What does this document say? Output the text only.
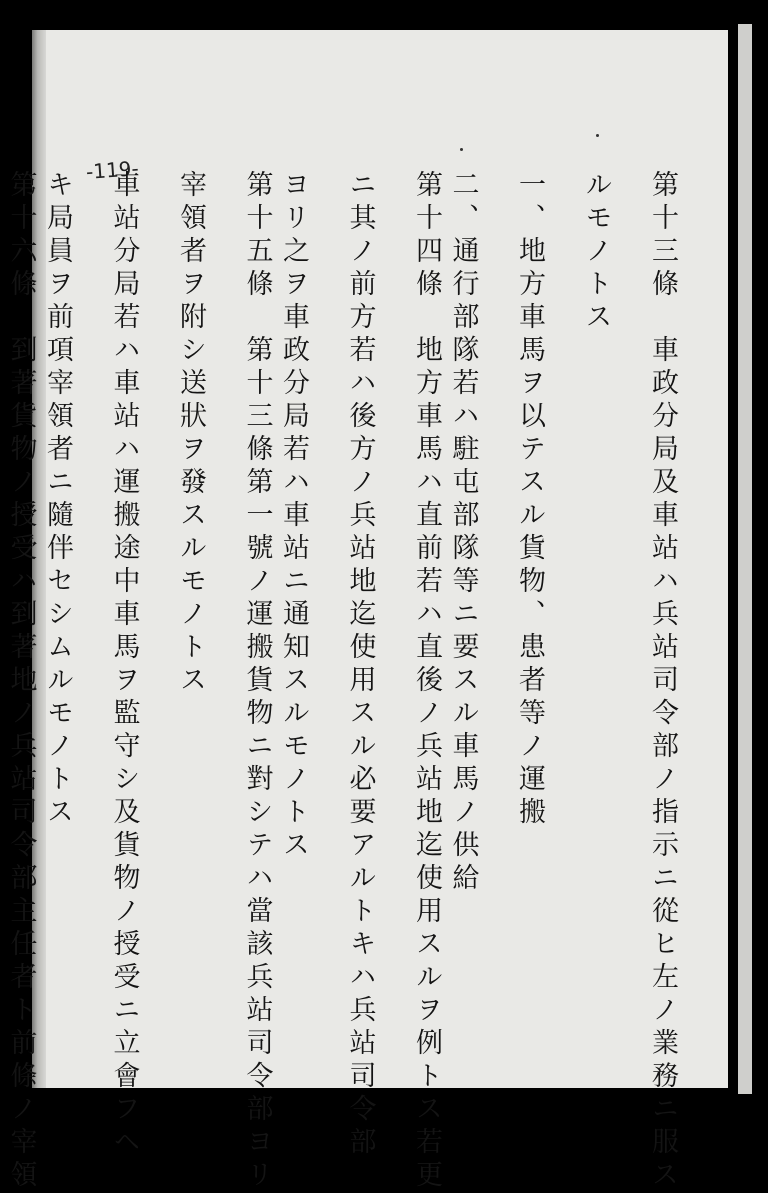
-119-	第十三條　車政分局及車站ハ兵站司令部ノ指示ニ從ヒ左ノ業務ニ服ス
ルモノトス
一、地方車馬ヲ以テスル貨物、患者等ノ運搬
二、通行部隊若ハ駐屯部隊等ニ要スル車馬ノ供給
第十四條　地方車馬ハ直前若ハ直後ノ兵站地迄使用スルヲ例トス若更
ニ其ノ前方若ハ後方ノ兵站地迄使用スル必要アルトキハ兵站司令部
ヨリ之ヲ車政分局若ハ車站ニ通知スルモノトス
第十五條　第十三條第一號ノ運搬貨物ニ對シテハ當該兵站司令部ヨリ
宰領者ヲ附シ送狀ヲ發スルモノトス
車站分局若ハ車站ハ運搬途中車馬ヲ監守シ及貨物ノ授受ニ立會フヘ
キ局員ヲ前項宰領者ニ隨伴セシムルモノトス
第十六條　到著貨物ノ授受ハ到著地ノ兵站司令部主任者ト前條ノ宰領
